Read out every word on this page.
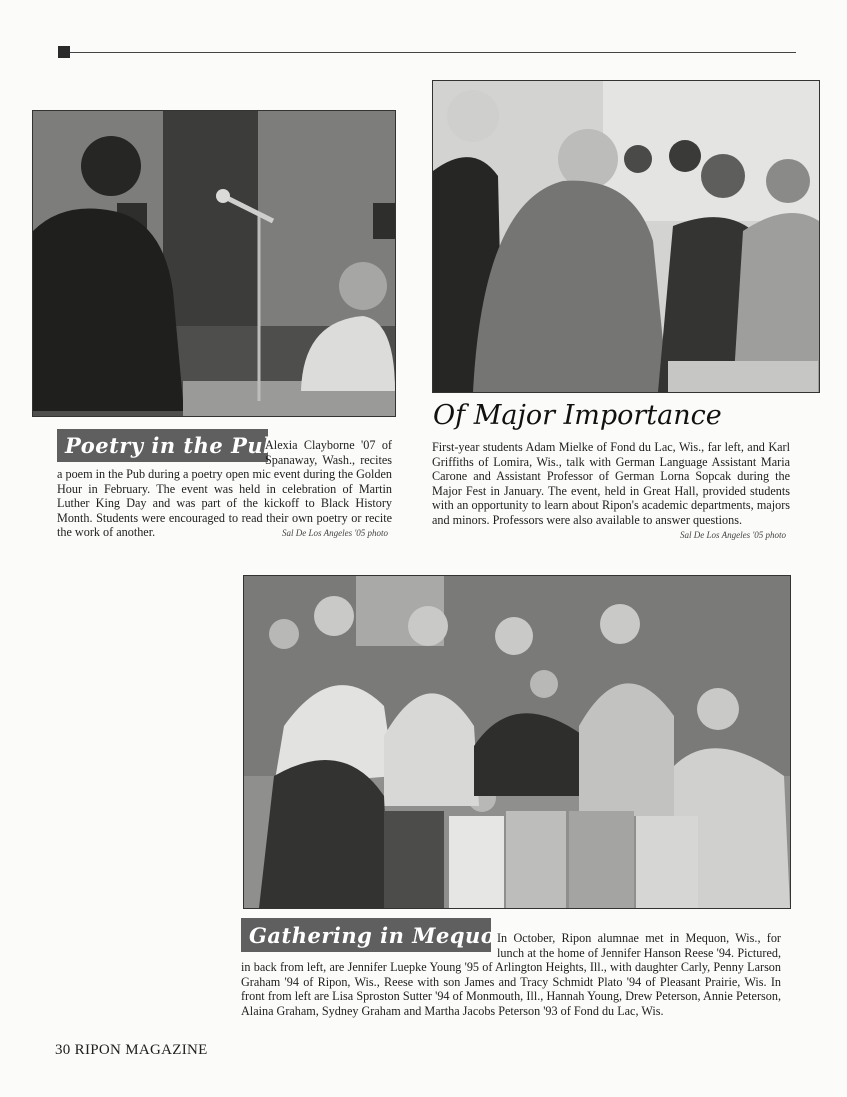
Poetry in the Pub
Alexia Clayborne '07 of Spanaway, Wash., recites a poem in the Pub during a poetry open mic event during the Golden Hour in February. The event was held in celebration of Martin Luther King Day and was part of the kickoff to Black History Month. Students were encouraged to read their own poetry or recite the work of another.	Sal De Los Angeles '05 photo
Of Major Importance
First-year students Adam Mielke of Fond du Lac, Wis., far left, and Karl Griffiths of Lomira, Wis., talk with German Language Assistant Maria Carone and Assistant Professor of German Lorna Sopcak during the Major Fest in January. The event, held in Great Hall, provided students with an opportunity to learn about Ripon's academic departments, majors and minors. Professors were also available to answer questions.
Sal De Los Angeles '05 photo
Gathering in Mequon
In October, Ripon alumnae met in Mequon, Wis., for lunch at the home of Jennifer Hanson Reese '94. Pictured, in back from left, are Jennifer Luepke Young '95 of Arlington Heights, Ill., with daughter Carly, Penny Larson Graham '94 of Ripon, Wis., Reese with son James and Tracy Schmidt Plato '94 of Pleasant Prairie, Wis. In front from left are Lisa Sproston Sutter '94 of Monmouth, Ill., Hannah Young, Drew Peterson, Annie Peterson, Alaina Graham, Sydney Graham and Martha Jacobs Peterson '93 of Fond du Lac, Wis.
30 RIPON MAGAZINE
